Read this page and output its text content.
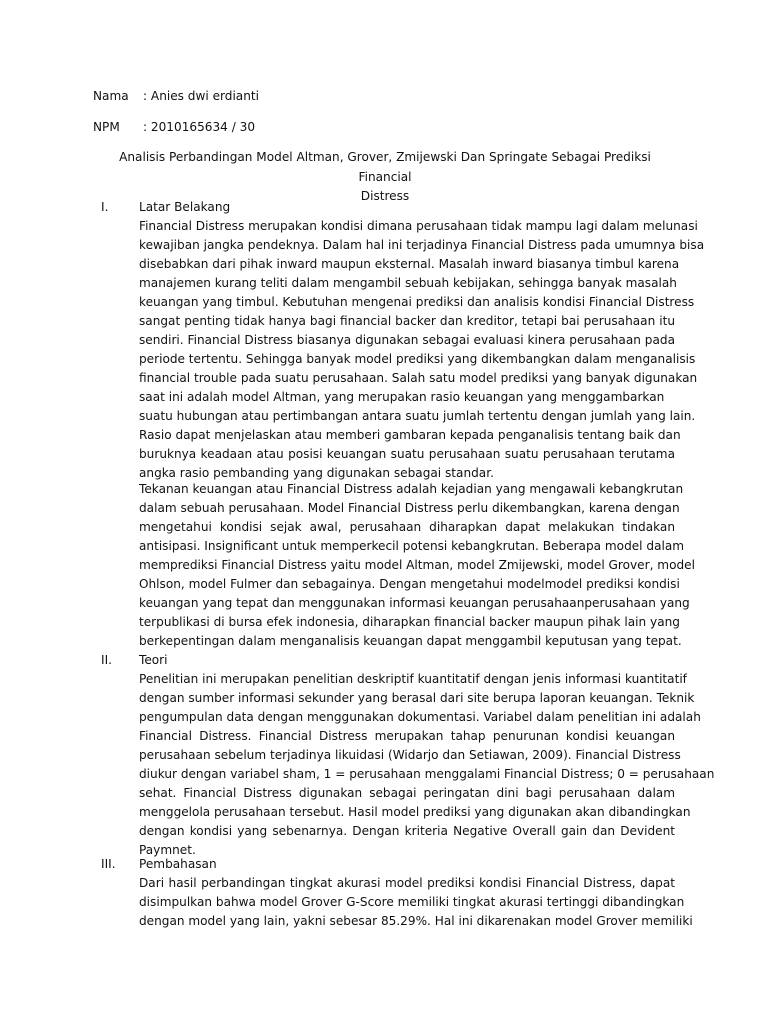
Nama : Anies dwi erdianti
NPM : 2010165634 / 30
Analisis Perbandingan Model Altman, Grover, Zmijewski Dan Springate Sebagai Prediksi Financial
Distress
I.	Latar Belakang
Financial Distress merupakan kondisi dimana perusahaan tidak mampu lagi dalam melunasi
kewajiban jangka pendeknya. Dalam hal ini terjadinya Financial Distress pada umumnya bisa
disebabkan dari pihak inward maupun eksternal. Masalah inward biasanya timbul karena
manajemen kurang teliti dalam mengambil sebuah kebijakan, sehingga banyak masalah
keuangan yang timbul. Kebutuhan mengenai prediksi dan analisis kondisi Financial Distress
sangat penting tidak hanya bagi financial backer dan kreditor, tetapi bai perusahaan itu
sendiri. Financial Distress biasanya digunakan sebagai evaluasi kinera perusahaan pada
periode tertentu. Sehingga banyak model prediksi yang dikembangkan dalam menganalisis
financial trouble pada suatu perusahaan. Salah satu model prediksi yang banyak digunakan
saat ini adalah model Altman, yang merupakan rasio keuangan yang menggambarkan
suatu hubungan atau pertimbangan antara suatu jumlah tertentu dengan jumlah yang lain.
Rasio dapat menjelaskan atau memberi gambaran kepada penganalisis tentang baik dan
buruknya keadaan atau posisi keuangan suatu perusahaan suatu perusahaan terutama
angka rasio pembanding yang digunakan sebagai standar.
Tekanan keuangan atau Financial Distress adalah kejadian yang mengawali kebangkrutan
dalam sebuah perusahaan. Model Financial Distress perlu dikembangkan, karena dengan
mengetahui kondisi sejak awal, perusahaan diharapkan dapat melakukan tindakan
antisipasi. Insignificant untuk memperkecil potensi kebangkrutan. Beberapa model dalam
memprediksi Financial Distress yaitu model Altman, model Zmijewski, model Grover, model
Ohlson, model Fulmer dan sebagainya. Dengan mengetahui modelmodel prediksi kondisi
keuangan yang tepat dan menggunakan informasi keuangan perusahaanperusahaan yang
terpublikasi di bursa efek indonesia, diharapkan financial backer maupun pihak lain yang
berkepentingan dalam menganalisis keuangan dapat menggambil keputusan yang tepat.
II.	Teori
Penelitian ini merupakan penelitian deskriptif kuantitatif dengan jenis informasi kuantitatif
dengan sumber informasi sekunder yang berasal dari site berupa laporan keuangan. Teknik
pengumpulan data dengan menggunakan dokumentasi. Variabel dalam penelitian ini adalah
Financial Distress. Financial Distress merupakan tahap penurunan kondisi keuangan
perusahaan sebelum terjadinya likuidasi (Widarjo dan Setiawan, 2009). Financial Distress
diukur dengan variabel sham, 1 = perusahaan menggalami Financial Distress; 0 = perusahaan
sehat. Financial Distress digunakan sebagai peringatan dini bagi perusahaan dalam
menggelola perusahaan tersebut. Hasil model prediksi yang digunakan akan dibandingkan
dengan kondisi yang sebenarnya. Dengan kriteria Negative Overall gain dan Devident
Paymnet.
III.	Pembahasan
Dari hasil perbandingan tingkat akurasi model prediksi kondisi Financial Distress, dapat
disimpulkan bahwa model Grover G-Score memiliki tingkat akurasi tertinggi dibandingkan
dengan model yang lain, yakni sebesar 85.29%. Hal ini dikarenakan model Grover memiliki
